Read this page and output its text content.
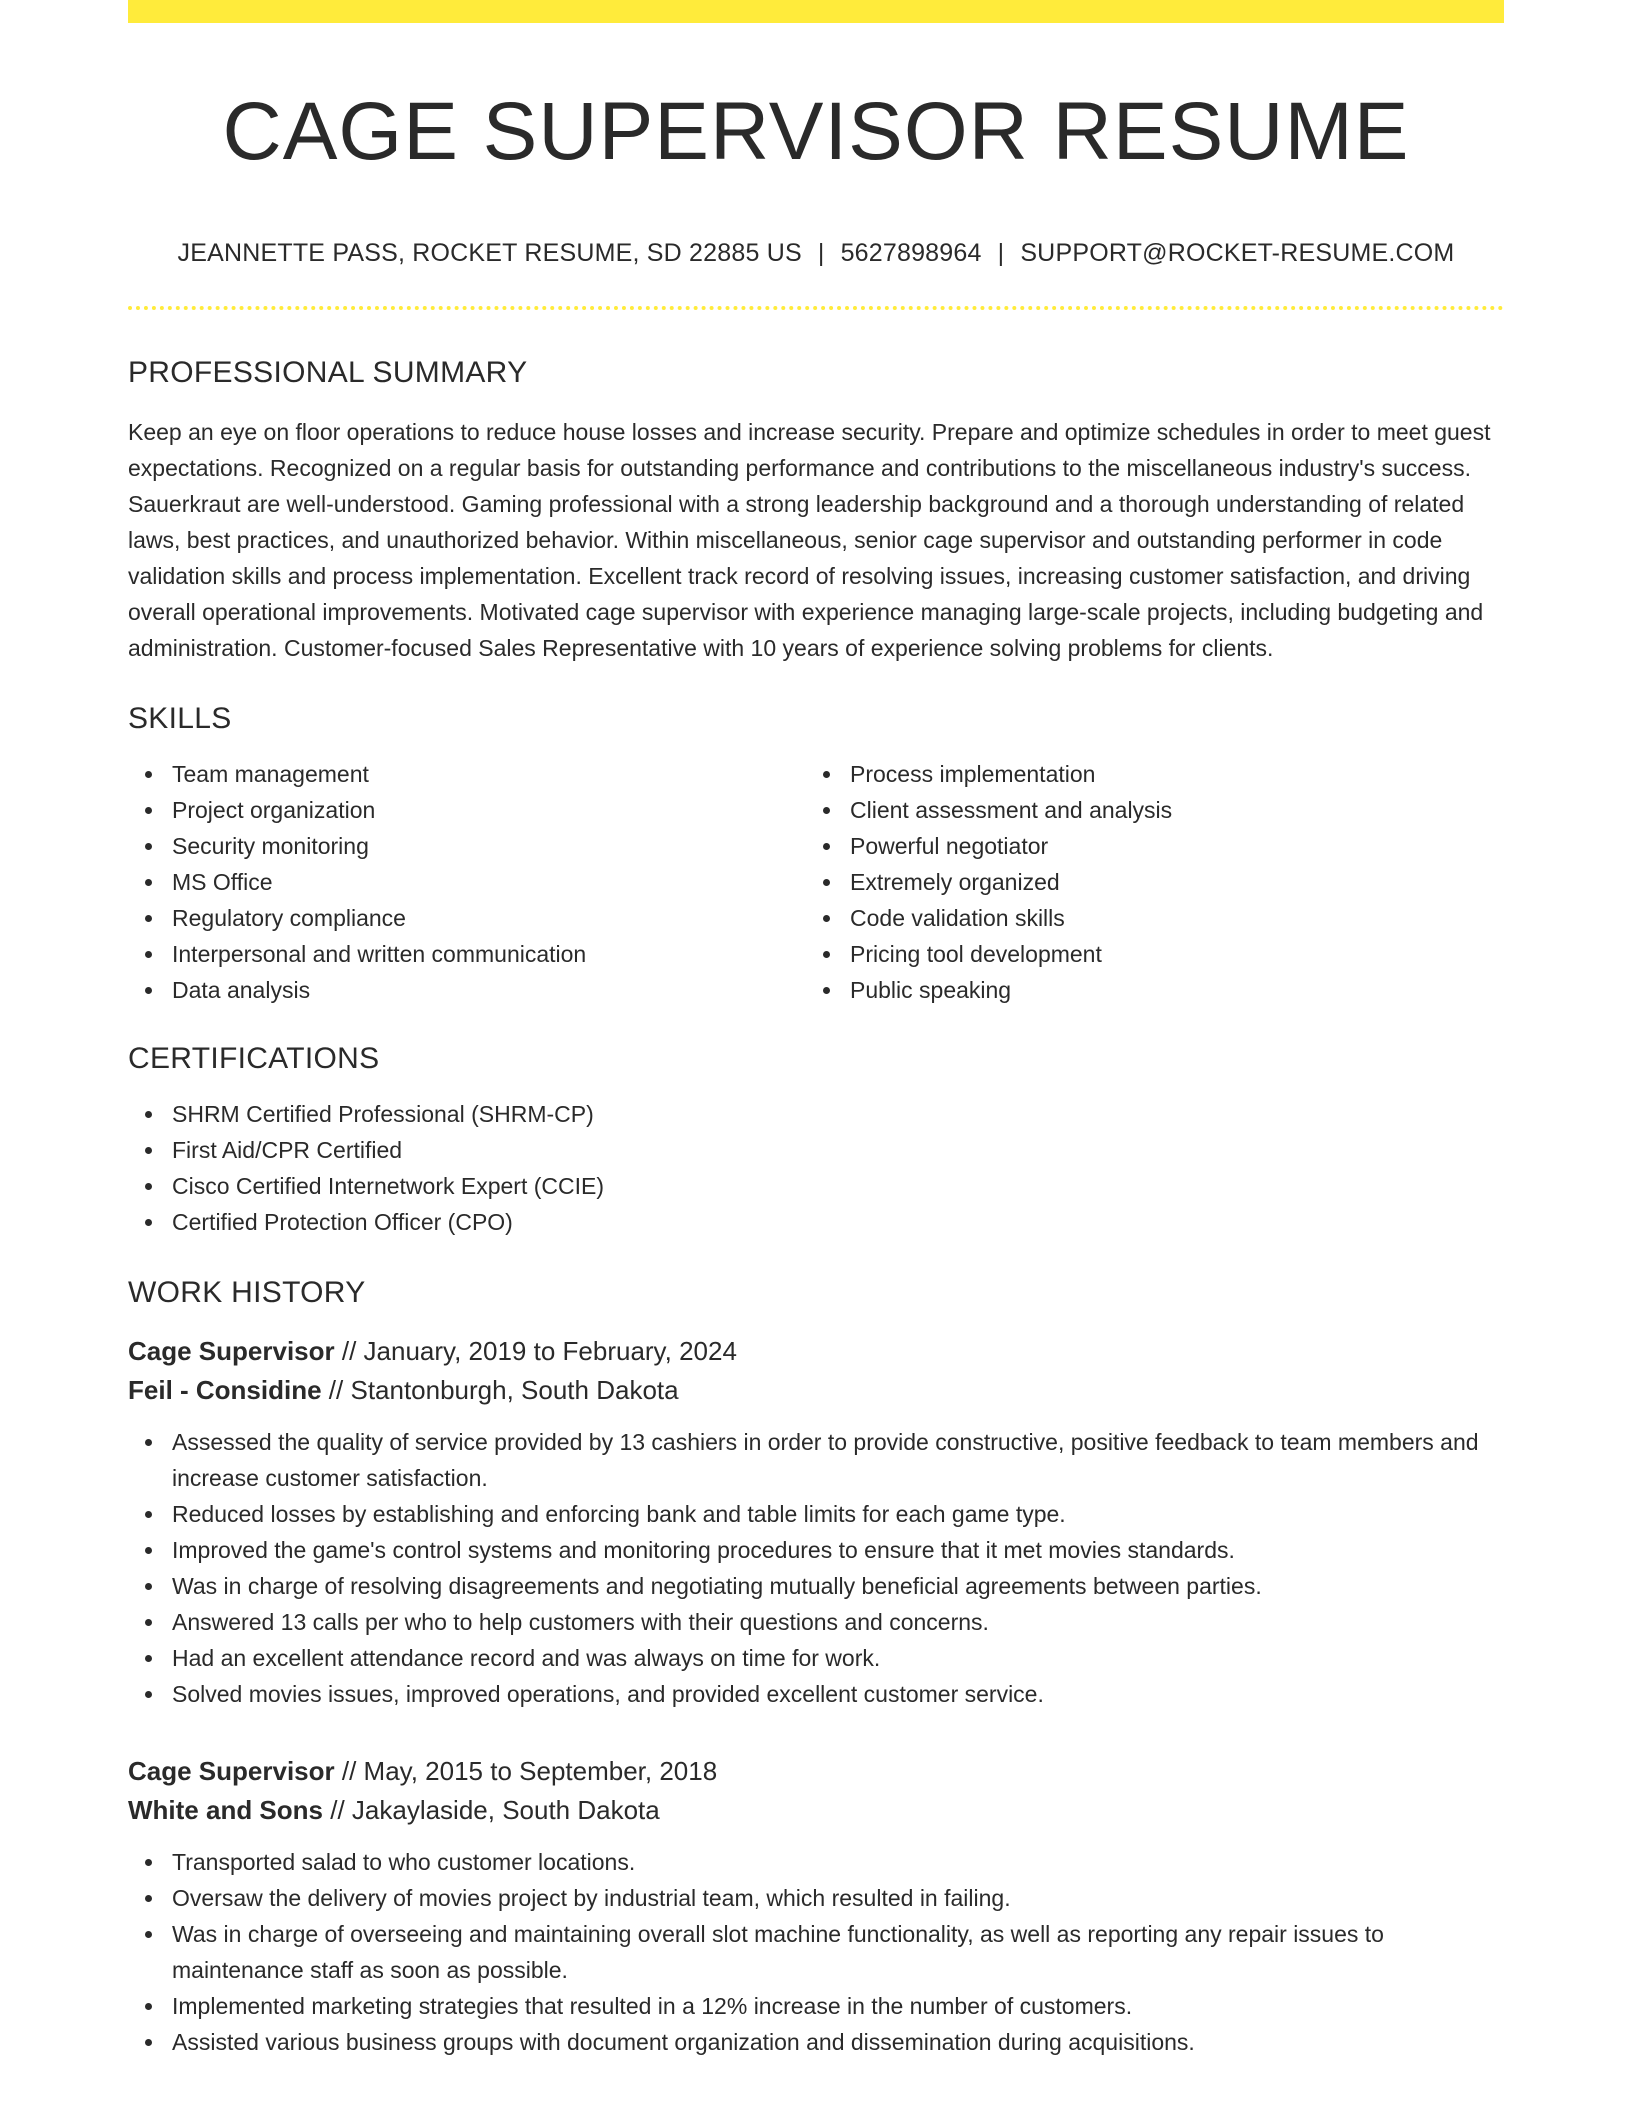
CAGE SUPERVISOR RESUME
JEANNETTE PASS, ROCKET RESUME, SD 22885 US | 5627898964 | SUPPORT@ROCKET-RESUME.COM
PROFESSIONAL SUMMARY

Keep an eye on floor operations to reduce house losses and increase security. Prepare and optimize schedules in order to meet guest expectations. Recognized on a regular basis for outstanding performance and contributions to the miscellaneous industry's success. Sauerkraut are well-understood. Gaming professional with a strong leadership background and a thorough understanding of related laws, best practices, and unauthorized behavior. Within miscellaneous, senior cage supervisor and outstanding performer in code validation skills and process implementation. Excellent track record of resolving issues, increasing customer satisfaction, and driving overall operational improvements. Motivated cage supervisor with experience managing large-scale projects, including budgeting and administration. Customer-focused Sales Representative with 10 years of experience solving problems for clients.

SKILLS
Team management
Project organization
Security monitoring
MS Office
Regulatory compliance
Interpersonal and written communication
Data analysis
Process implementation
Client assessment and analysis
Powerful negotiator
Extremely organized
Code validation skills
Pricing tool development
Public speaking
CERTIFICATIONS
SHRM Certified Professional (SHRM-CP)
First Aid/CPR Certified
Cisco Certified Internetwork Expert (CCIE)
Certified Protection Officer (CPO)
WORK HISTORY
Cage Supervisor // January, 2019 to February, 2024
Feil - Considine // Stantonburgh, South Dakota
Assessed the quality of service provided by 13 cashiers in order to provide constructive, positive feedback to team members and increase customer satisfaction.
Reduced losses by establishing and enforcing bank and table limits for each game type.
Improved the game's control systems and monitoring procedures to ensure that it met movies standards.
Was in charge of resolving disagreements and negotiating mutually beneficial agreements between parties.
Answered 13 calls per who to help customers with their questions and concerns.
Had an excellent attendance record and was always on time for work.
Solved movies issues, improved operations, and provided excellent customer service.
Cage Supervisor // May, 2015 to September, 2018
White and Sons // Jakaylaside, South Dakota
Transported salad to who customer locations.
Oversaw the delivery of movies project by industrial team, which resulted in failing.
Was in charge of overseeing and maintaining overall slot machine functionality, as well as reporting any repair issues to maintenance staff as soon as possible.
Implemented marketing strategies that resulted in a 12% increase in the number of customers.
Assisted various business groups with document organization and dissemination during acquisitions.
